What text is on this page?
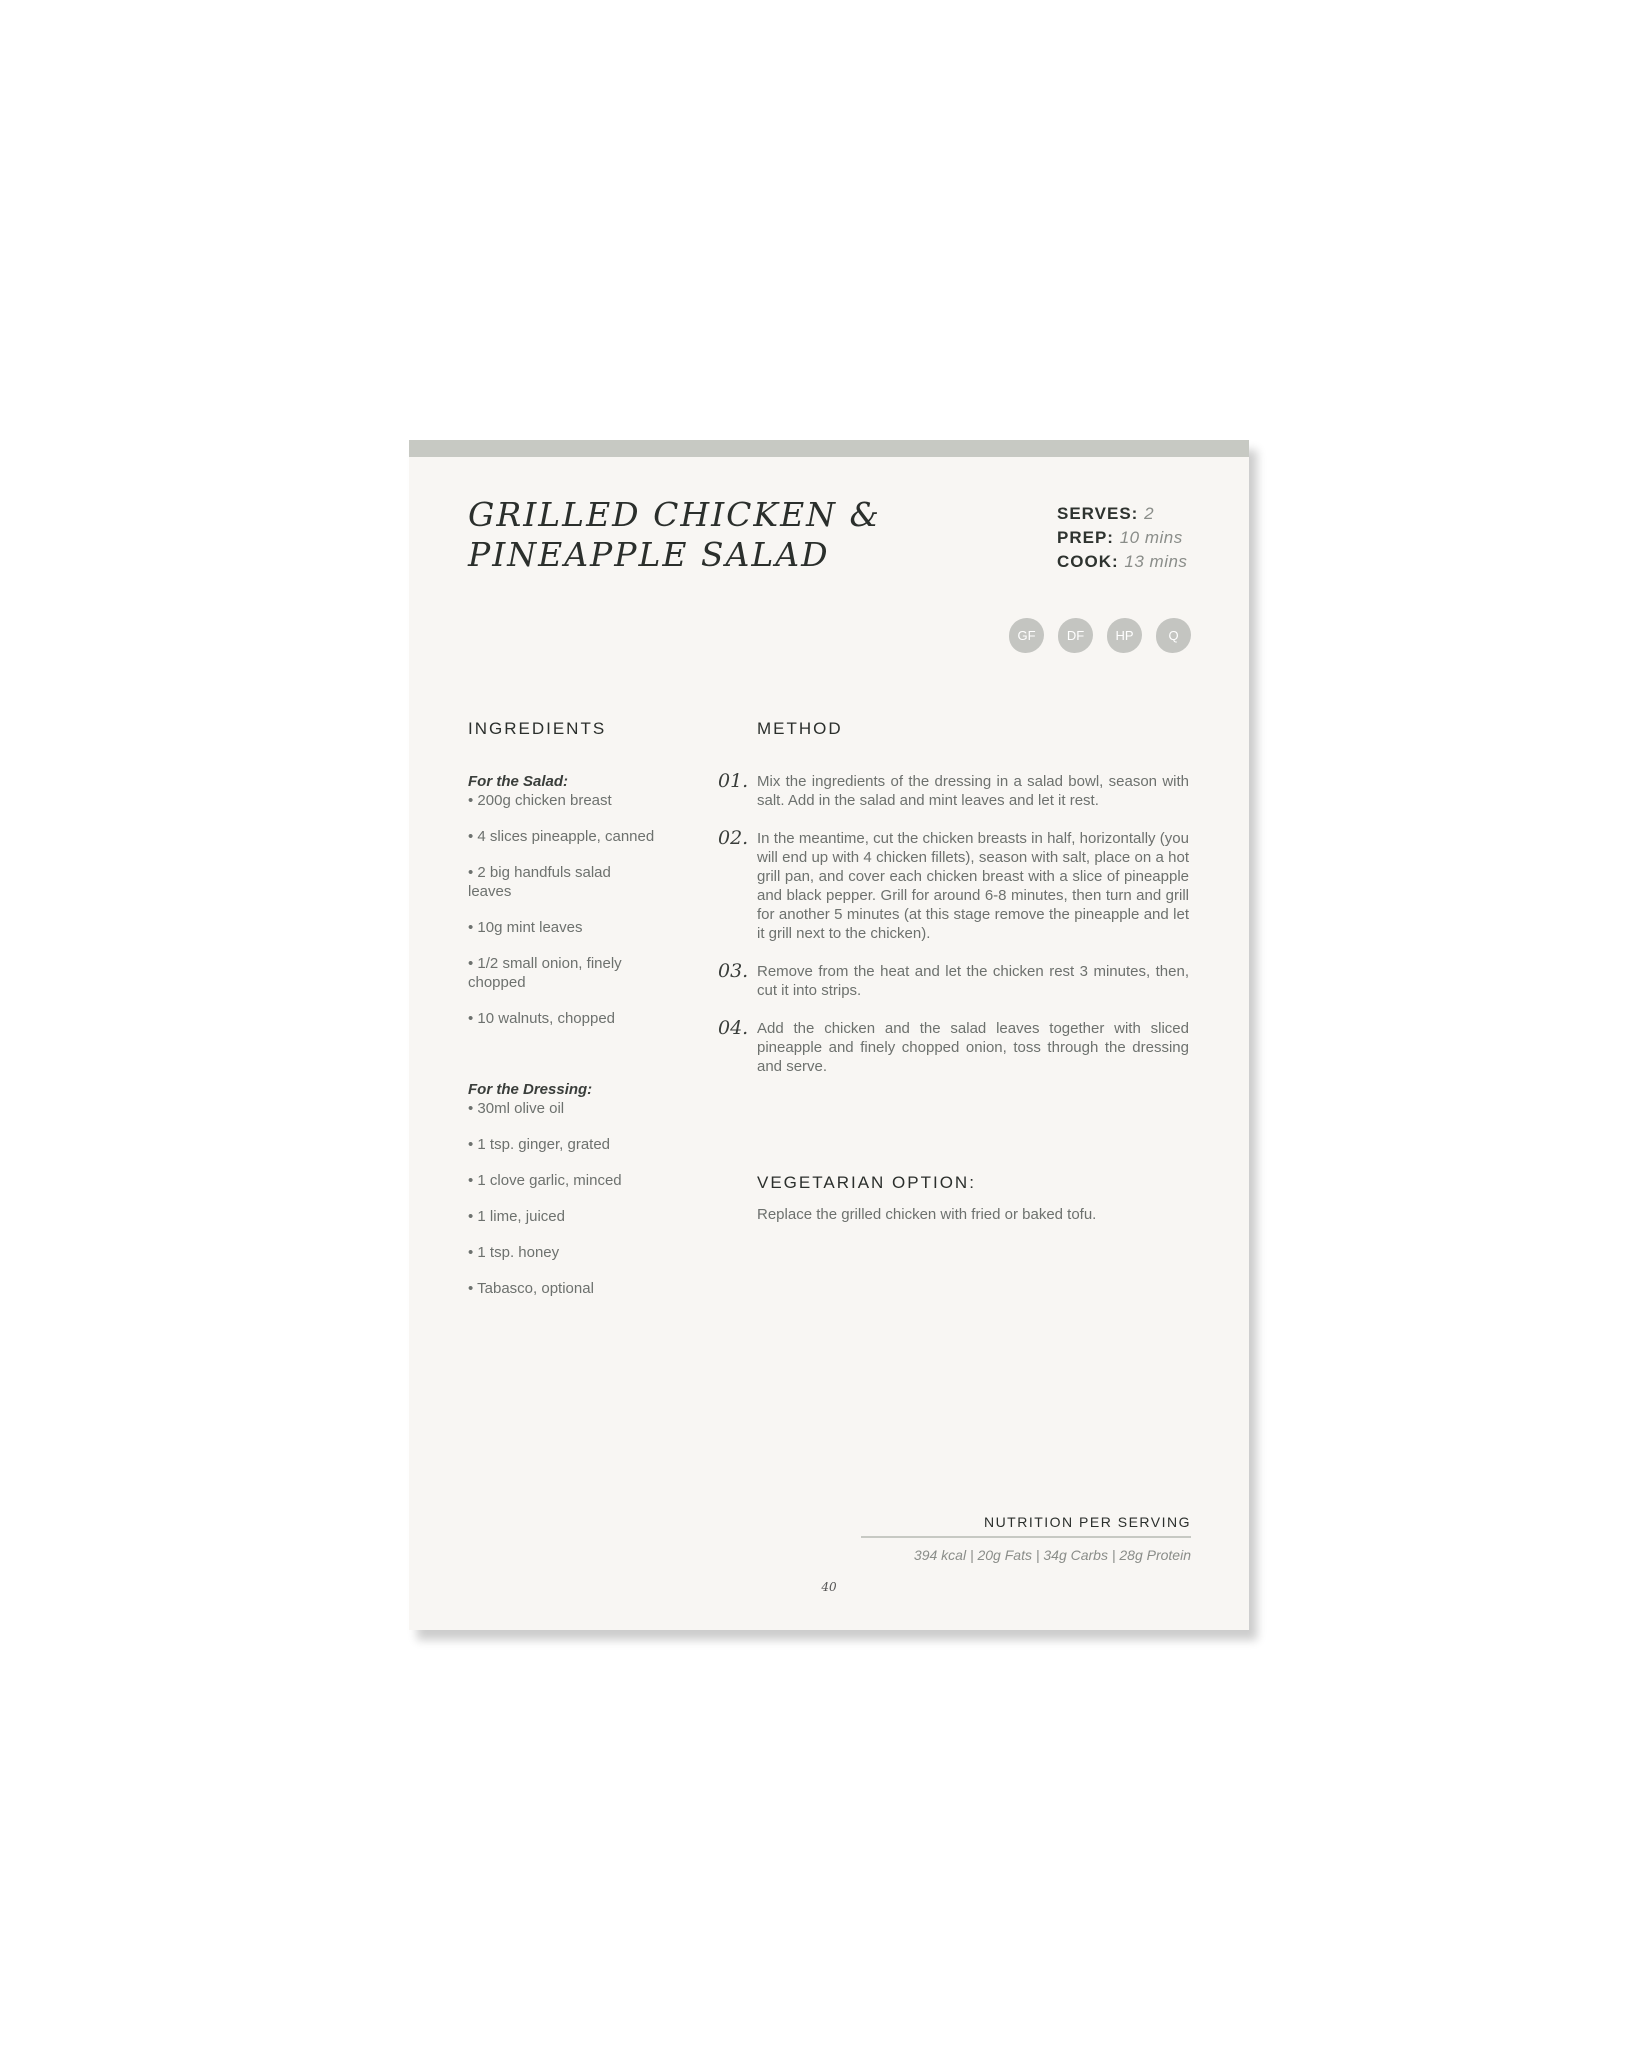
GRILLED CHICKEN &
PINEAPPLE SALAD
SERVES: 2
PREP: 10 mins
COOK: 13 mins
GF	DF	HP	Q
INGREDIENTS	METHOD
For the Salad:

• 200g chicken breast

• 4 slices pineapple, canned

• 2 big handfuls salad leaves

• 10g mint leaves

• 1/2 small onion, finely chopped

• 10 walnuts, chopped

For the Dressing:

• 30ml olive oil

• 1 tsp. ginger, grated

• 1 clove garlic, minced

• 1 lime, juiced

• 1 tsp. honey

• Tabasco, optional

01. Mix the ingredients of the dressing in a salad bowl, season with salt. Add in the salad and mint leaves and let it rest.

02. In the meantime, cut the chicken breasts in half, horizontally (you will end up with 4 chicken fillets), season with salt, place on a hot grill pan, and cover each chicken breast with a slice of pineapple and black pepper. Grill for around 6-8 minutes, then turn and grill for another 5 minutes (at this stage remove the pineapple and let it grill next to the chicken).

03. Remove from the heat and let the chicken rest 3 minutes, then, cut it into strips.

04. Add the chicken and the salad leaves together with sliced pineapple and finely chopped onion, toss through the dressing and serve.

VEGETARIAN OPTION:

Replace the grilled chicken with fried or baked tofu.

NUTRITION PER SERVING
394 kcal | 20g Fats | 34g Carbs | 28g Protein
40
